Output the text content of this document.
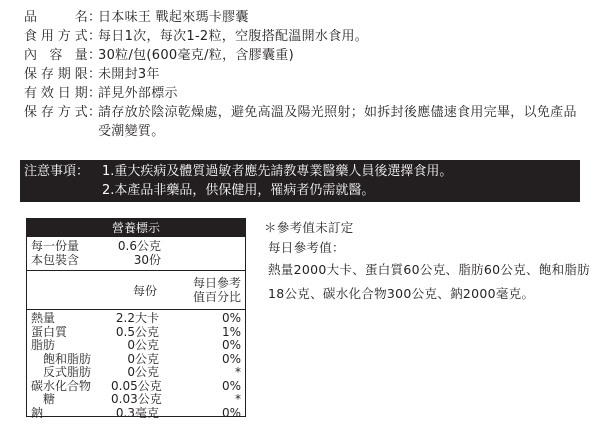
品　　名 ：
日本味王 戰起來瑪卡膠囊
食用方式 ：
每日1次，每次1-2粒，空腹搭配溫開水食用。
內 容 量 ：
30粒/包(600毫克/粒，含膠囊重)
保存期限 ：
未開封3年
有效日期 ：
詳見外部標示
保存方式 ：
請存放於陰涼乾燥處，避免高溫及陽光照射；如拆封後應儘速食用完畢，以免產品受潮變質。
注意事項： 1.重大疾病及體質過敏者應先請教專業醫藥人員後選擇食用。
2.本產品非藥品，供保健用，罹病者仍需就醫。
營養標示
每一份量	0.6公克
本包裝含	30份
每份
每日參考
值百分比
熱量	2.2大卡	0%
蛋白質	0.5公克	1%
脂肪	0公克	0%
飽和脂肪	0公克	0%
反式脂肪	0公克	*
碳水化合物	0.05公克	0%
糖	0.03公克	*
鈉	0.3毫克	0%
＊參考值未訂定
每日參考值：
熱量2000大卡、蛋白質60公克、脂肪60公克、飽和脂肪18公克、碳水化合物300公克、鈉2000毫克。
